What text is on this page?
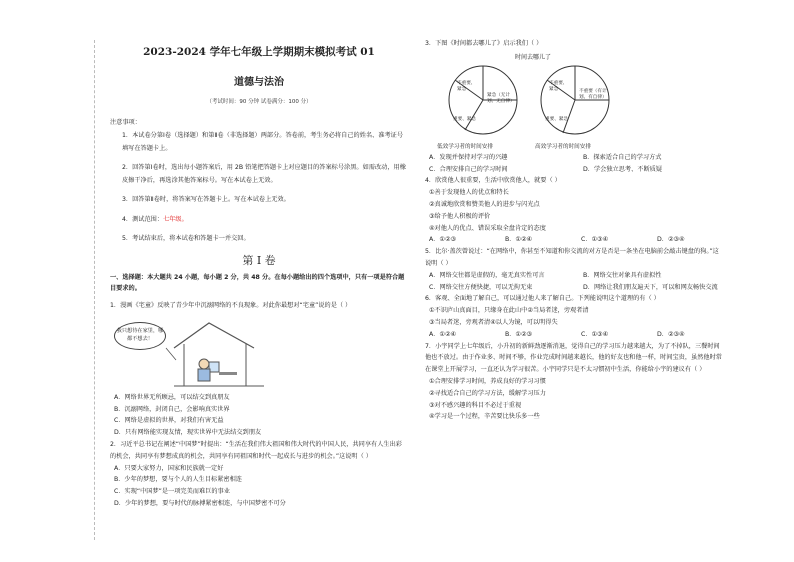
2023-2024 学年七年级上学期期末模拟考试 01
道德与法治
（考试时间：90 分钟 试卷满分：100 分）
注意事项：
1．本试卷分第Ⅰ卷（选择题）和第Ⅱ卷（非选择题）两部分。答卷前，考生务必将自己的姓名、准考证号填写在答题卡上。
2．回答第Ⅰ卷时，选出每小题答案后，用 2B 铅笔把答题卡上对应题目的答案标号涂黑。如需改动，用橡皮擦干净后，再选涂其他答案标号。写在本试卷上无效。
3．回答第Ⅱ卷时，将答案写在答题卡上。写在本试卷上无效。
4．测试范围：七年级。
5．考试结束后，将本试卷和答题卡一并交回。
第 Ⅰ 卷

一、选择题：本大题共 24 小题，每小题 2 分，共 48 分。在每小题给出的四个选项中，只有一项是符合题目要求的。

1．漫画《宅童》反映了青少年中沉溺网络的不良现象。对此你最想对“宅童”说的是（ ）

我只想待在家里，哪都不想去！

A．网络世界无所顾忌，可以结交到真朋友

B．沉溺网络，封闭自己，会影响真实世界

C．网络是虚拟的世界，对我们有害无益

D．只有网络能实现友情，现实世界中无法结交到朋友

2．习近平总书记在阐述“中国梦”时提出：“生活在我们伟大祖国和伟大时代的中国人民，共同享有人生出彩的机会，共同享有梦想成真的机会，共同享有同祖国和时代一起成长与进步的机会。”这说明（ ）

A．只要大家努力，国家和民族就一定好

B．少年的梦想，要与个人的人生目标紧密相连

C．实现“中国梦”是一项完美而难巨的事业

D．少年的梦想，要与时代的脉搏紧密相连，与中国梦密不可分

3．下图《时间都去哪儿了》启示我们（ ）

时间去哪儿了
不重要、紧急
紧急（无计划、无自律）
重要、紧急
不重要、紧急	不重要（有计划、有自律）
重要、紧急
低效学习者的时间安排	高效学习者的时间安排

A．发现并保持对学习的兴趣	B．探索适合自己的学习方式

C．合理安排自己的学习时间	D．学会独立思考、不断质疑

4．欣赏他人很重要，生活中欣赏他人，就要（ ）

①善于发现他人的优点和特长

②真诚地欣赏和赞美他人的进步与闪光点

③给予他人积极的评价

④对他人的优点、错误采取全盘肯定的态度

A．①②③	B．①②④	C．①③④	D．②③④

5．比尔·盖茨曾说过：“在网络中，你甚至不知道和你交流的对方是否是一条坐在电脑前会敲击键盘的狗。”这说明（ ）

A．网络交往都是虚假的，毫无真实性可言	B．网络交往对象具有虚拟性

C．网络交往方便快捷，可以无拘无束	D．网络让我们朋友遍天下，可以和网友畅快交流

6．客观、全面地了解自己，可以通过他人来了解自己。下列能说明这个道理的有（ ）

①不识庐山真面目，只缘身在此山中②当局者迷，旁观者清

③当局者迷，旁观者清④以人为镜，可以明得失

A．①②④	B．①②③	C．①③④	D．②③④

7．小宇同学上七年级后，小升初的新鲜劲逐渐消退，觉得自己的学习压力越来越大，为了不掉队，三餐时间他也不放过。由于作业多、时间不够，作业完成时间越来越长，他的好友也和他一样，时间宝贵，虽然他时常在课堂上开展学习，一直还认为学习很苦。小宇同学只是不太习惯初中生活，你能给小宇的建议有（ ）

①合理安排学习时间，养成良好的学习习惯

②寻找适合自己的学习方法，缓解学习压力

③对不感兴趣的科目不必过于重视

④学习是一个过程，辛苦要比快乐多一些
